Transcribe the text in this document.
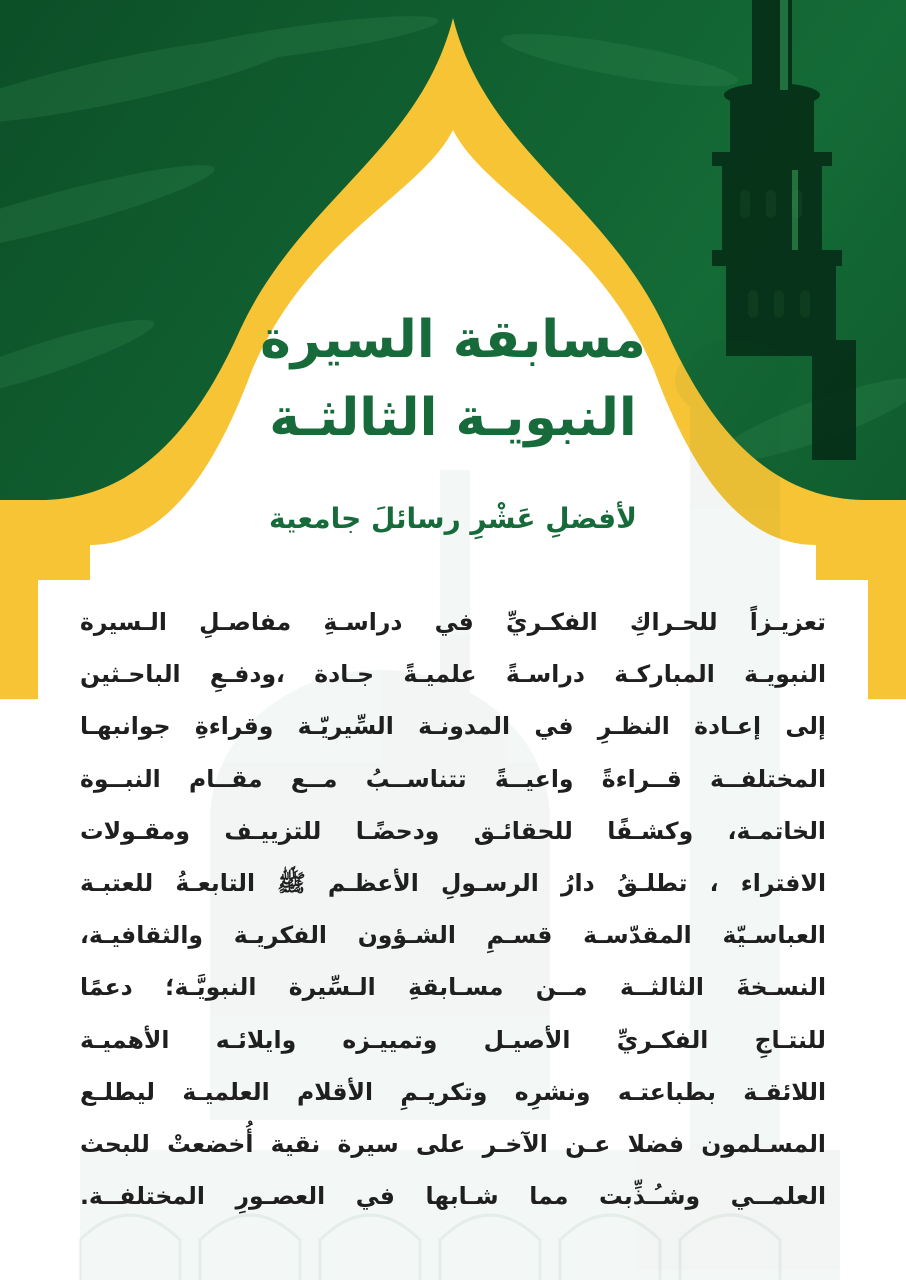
مسابقة السيرة
النبويـة الثالثـة
لأفضلِ عَشْرِ رسائلَ جامعية
تعزيـزاً للحـراكِ الفكـريِّ في دراسـةِ مفاصـلِ الـسيرة
النبويـة المباركـة دراسـةً علميـةً جـادة ،ودفـعِ الباحـثين
إلى إعـادة النظـرِ في المدونـة السِّيريّـة وقراءةِ جوانبهـا
المختلفــة قــراءةً واعيــةً تتناســبُ مــع مقــام النبــوة
الخاتمـة، وكشـفًا للحقائـق ودحضًـا للتزييـف ومقـولات
الافتراء ، تطلـقُ دارُ الرسـولِ الأعظـم ﷺ التابعـةُ للعتبـة
العباسـيّة المقدّسـة قسـمِ الشـؤون الفكريـة والثقافيـة،
النسـخةَ الثالثــة مــن مسـابقةِ الـسِّيرة النبويَّـة؛ دعمًا
للنتـاجِ الفكـريِّ الأصيـل وتمييـزه وايلائـه الأهميـة
اللائقـة بطباعتـه ونشرِه وتكريـمِ الأقلام العلميـة ليطلـع
المسـلمون فضلا عـن الآخـر على سيرة نقية أُخضعتْ للبحث
العلمــي وشـُـذِّبت مما شـابها في العصـورِ المختلفــة.
